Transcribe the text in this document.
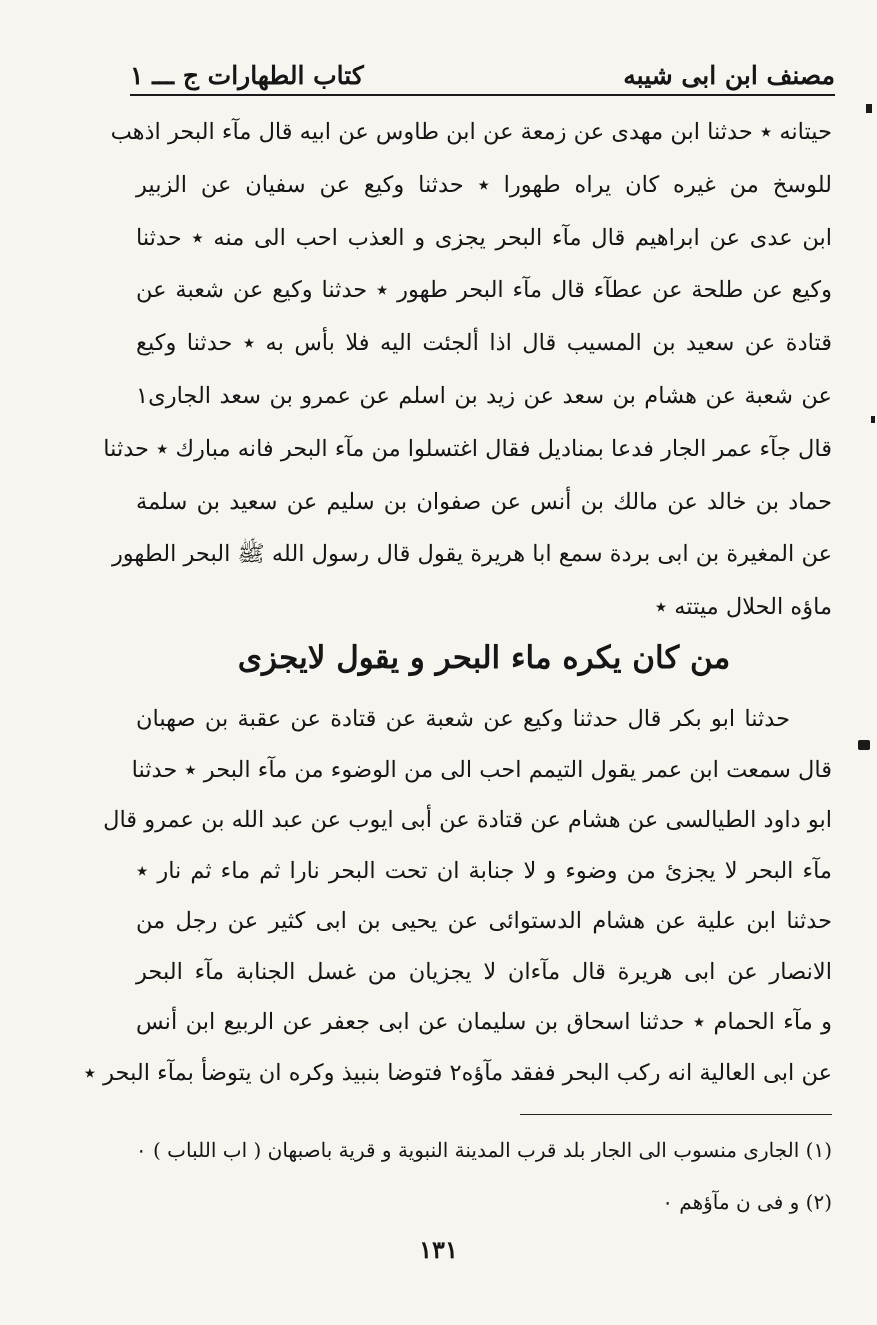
مصنف ابن ابی شیبه
كتاب الطهارات ج ـــ ١
حيتانه ٭ حدثنا ابن مهدى عن زمعة عن ابن طاوس عن ابيه قال مآء البحر اذهب
للوسخ من غيره كان يراه طهورا ٭ حدثنا وكيع عن سفيان عن الزبير
ابن عدى عن ابراهيم قال مآء البحر يجزى و العذب احب الى منه ٭ حدثنا
وكيع عن طلحة عن عطآء قال مآء البحر طهور ٭ حدثنا وكيع عن شعبة عن
قتادة عن سعيد بن المسيب قال اذا ألجئت اليه فلا بأس به ٭ حدثنا وكيع
عن شعبة عن هشام بن سعد عن زيد بن اسلم عن عمرو بن سعد الجارى١
قال جآء عمر الجار فدعا بمناديل فقال اغتسلوا من مآء البحر فانه مبارك ٭ حدثنا
حماد بن خالد عن مالك بن أنس عن صفوان بن سليم عن سعيد بن سلمة
عن المغيرة بن ابى بردة سمع ابا هريرة يقول قال رسول الله ﷺ البحر الطهور
ماؤه الحلال ميتته ٭
من كان يكره ماء البحر و يقول لايجزى
حدثنا ابو بكر قال حدثنا وكيع عن شعبة عن قتادة عن عقبة بن صهبان
قال سمعت ابن عمر يقول التيمم احب الى من الوضوء من مآء البحر ٭ حدثنا
ابو داود الطيالسى عن هشام عن قتادة عن أبى ايوب عن عبد الله بن عمرو قال
مآء البحر لا يجزئ من وضوء و لا جنابة ان تحت البحر نارا ثم ماء ثم نار ٭
حدثنا ابن علية عن هشام الدستوائى عن يحيى بن ابى كثير عن رجل من
الانصار عن ابى هريرة قال مآءان لا يجزيان من غسل الجنابة مآء البحر
و مآء الحمام ٭ حدثنا اسحاق بن سليمان عن ابى جعفر عن الربيع ابن أنس
عن ابى العالية انه ركب البحر ففقد مآؤه٢ فتوضا بنبيذ وكره ان يتوضأ بمآء البحر ٭
(١) الجارى منسوب الى الجار بلد قرب المدينة النبوية و قرية باصبهان ( اب اللباب ) ٠
(٢) و فى ن مآؤهم ٠
١٣١
